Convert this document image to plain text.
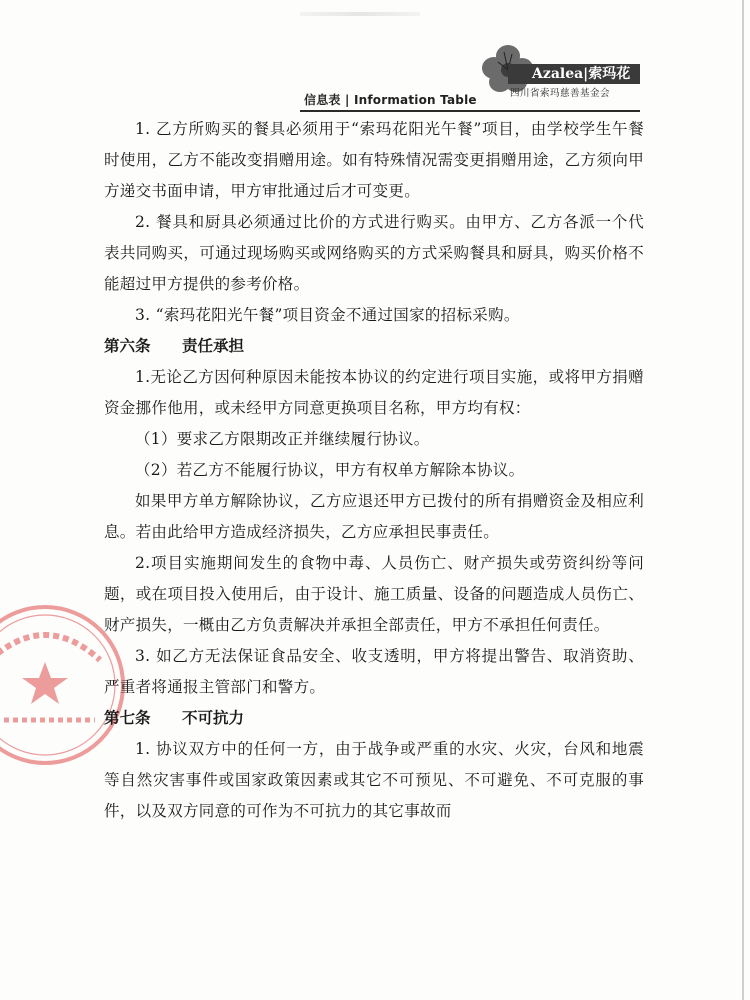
Azalea|索玛花
四川省索玛慈善基金会
信息表 | Information Table

1. 乙方所购买的餐具必须用于“索玛花阳光午餐”项目，由学校学生午餐时使用，乙方不能改变捐赠用途。如有特殊情况需变更捐赠用途，乙方须向甲方递交书面申请，甲方审批通过后才可变更。

2. 餐具和厨具必须通过比价的方式进行购买。由甲方、乙方各派一个代表共同购买，可通过现场购买或网络购买的方式采购餐具和厨具，购买价格不能超过甲方提供的参考价格。

3. “索玛花阳光午餐”项目资金不通过国家的招标采购。

第六条 责任承担

1.无论乙方因何种原因未能按本协议的约定进行项目实施，或将甲方捐赠资金挪作他用，或未经甲方同意更换项目名称，甲方均有权：

（1）要求乙方限期改正并继续履行协议。

（2）若乙方不能履行协议，甲方有权单方解除本协议。

如果甲方单方解除协议，乙方应退还甲方已拨付的所有捐赠资金及相应利息。若由此给甲方造成经济损失，乙方应承担民事责任。

2.项目实施期间发生的食物中毒、人员伤亡、财产损失或劳资纠纷等问题，或在项目投入使用后，由于设计、施工质量、设备的问题造成人员伤亡、财产损失，一概由乙方负责解决并承担全部责任，甲方不承担任何责任。

3. 如乙方无法保证食品安全、收支透明，甲方将提出警告、取消资助、严重者将通报主管部门和警方。

第七条 不可抗力

1. 协议双方中的任何一方，由于战争或严重的水灾、火灾，台风和地震等自然灾害事件或国家政策因素或其它不可预见、不可避免、不可克服的事件，以及双方同意的可作为不可抗力的其它事故而
